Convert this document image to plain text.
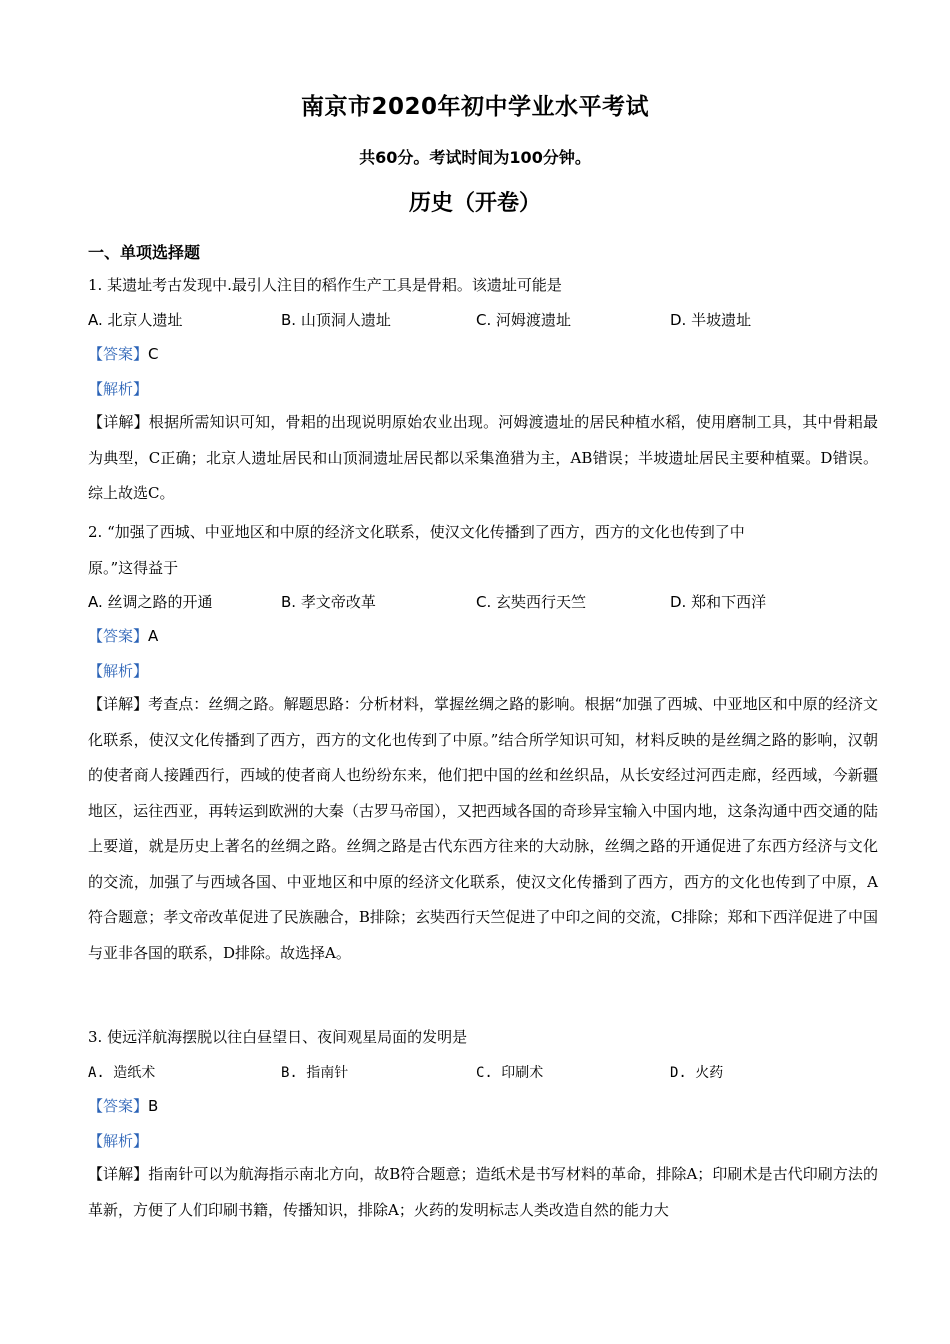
南京市2020年初中学业水平考试
共60分。考试时间为100分钟。
历史（开卷）
一、单项选择题
1. 某遗址考古发现中.最引人注目的稻作生产工具是骨耜。该遗址可能是
A. 北京人遗址	B. 山顶洞人遗址	C. 河姆渡遗址	D. 半坡遗址
【答案】C
【解析】
【详解】根据所需知识可知，骨耜的出现说明原始农业出现。河姆渡遗址的居民种植水稻，使用磨制工具，其中骨耜最为典型，C正确；北京人遗址居民和山顶洞遗址居民都以采集渔猎为主，AB错误；半坡遗址居民主要种植粟。D错误。综上故选C。
2. “加强了西城、中亚地区和中原的经济文化联系，使汉文化传播到了西方，西方的文化也传到了中
原。”这得益于
A. 丝调之路的开通	B. 孝文帝改革	C. 玄奘西行天竺	D. 郑和下西洋
【答案】A
【解析】
【详解】考查点：丝绸之路。解题思路：分析材料，掌握丝绸之路的影响。根据“加强了西城、中亚地区和中原的经济文化联系，使汉文化传播到了西方，西方的文化也传到了中原。”结合所学知识可知，材料反映的是丝绸之路的影响，汉朝的使者商人接踵西行，西域的使者商人也纷纷东来，他们把中国的丝和丝织品，从长安经过河西走廊，经西域，今新疆地区，运往西亚，再转运到欧洲的大秦（古罗马帝国），又把西域各国的奇珍异宝输入中国内地，这条沟通中西交通的陆上要道，就是历史上著名的丝绸之路。丝绸之路是古代东西方往来的大动脉，丝绸之路的开通促进了东西方经济与文化的交流，加强了与西域各国、中亚地区和中原的经济文化联系，使汉文化传播到了西方，西方的文化也传到了中原，A符合题意；孝文帝改革促进了民族融合，B排除；玄奘西行天竺促进了中印之间的交流，C排除；郑和下西洋促进了中国与亚非各国的联系，D排除。故选择A。
3. 使远洋航海摆脱以往白昼望日、夜间观星局面的发明是
A. 造纸术	B. 指南针	C. 印刷术	D. 火药
【答案】B
【解析】
【详解】指南针可以为航海指示南北方向，故B符合题意；造纸术是书写材料的革命，排除A；印刷术是古代印刷方法的革新，方便了人们印刷书籍，传播知识，排除A；火药的发明标志人类改造自然的能力大
